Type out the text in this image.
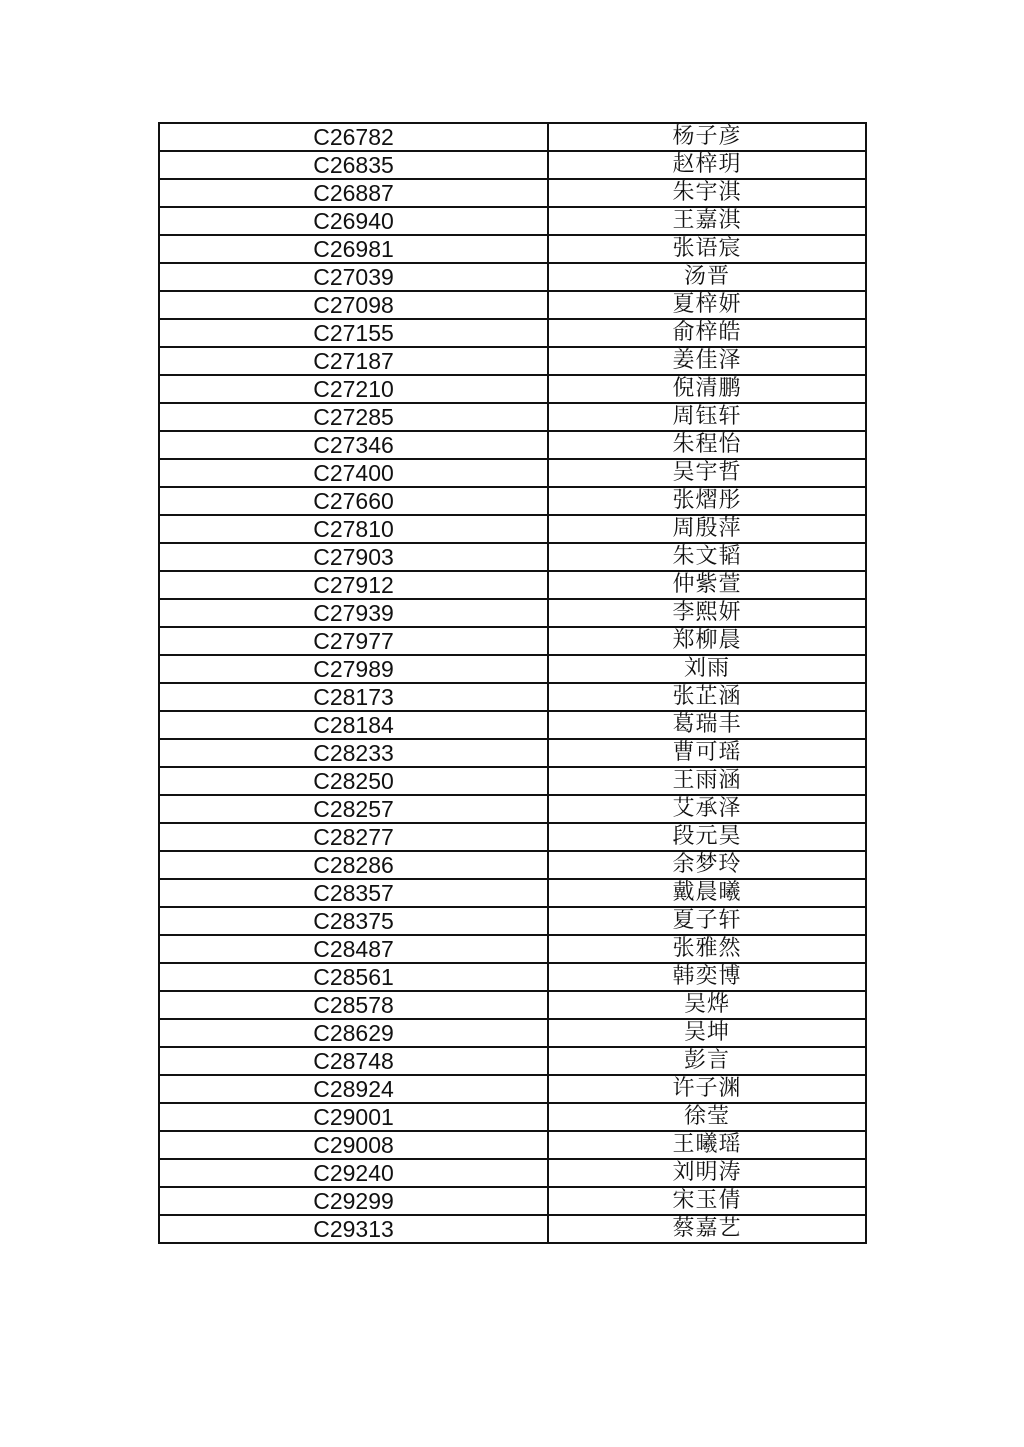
C26782	杨子彦
C26835	赵梓玥
C26887	朱宇淇
C26940	王嘉淇
C26981	张语宸
C27039	汤晋
C27098	夏梓妍
C27155	俞梓皓
C27187	姜佳泽
C27210	倪清鹏
C27285	周钰轩
C27346	朱程怡
C27400	吴宇哲
C27660	张熠彤
C27810	周殷萍
C27903	朱文韬
C27912	仲紫萱
C27939	李熙妍
C27977	郑柳晨
C27989	刘雨
C28173	张芷涵
C28184	葛瑞丰
C28233	曹可瑶
C28250	王雨涵
C28257	艾承泽
C28277	段元昊
C28286	余梦玲
C28357	戴晨曦
C28375	夏子轩
C28487	张雅然
C28561	韩奕博
C28578	吴烨
C28629	吴坤
C28748	彭言
C28924	许子渊
C29001	徐莹
C29008	王曦瑶
C29240	刘明涛
C29299	宋玉倩
C29313	蔡嘉艺
